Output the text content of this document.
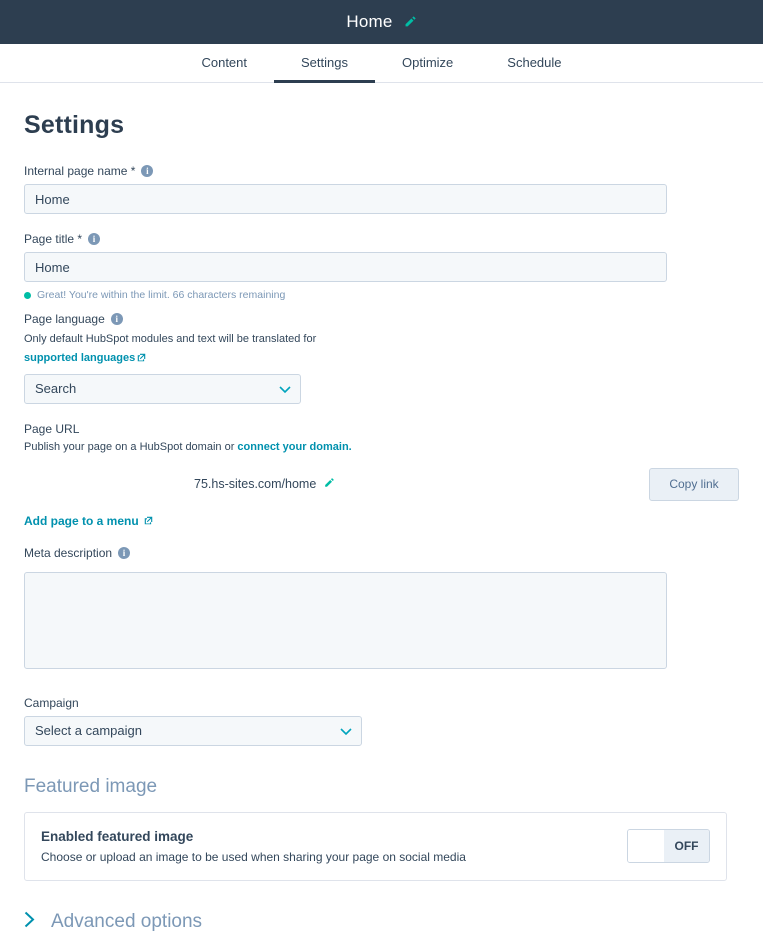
Home
Content	Settings	Optimize	Schedule
Settings
Internal page name *	i
Home
Page title *	i
Home
Great! You're within the limit. 66 characters remaining
Page language	i

Only default HubSpot modules and text will be translated for

supported languages
Search
Page URL

Publish your page on a HubSpot domain or connect your domain.

75.hs-sites.com/home	Copy link
Add page to a menu
Meta description	i
Campaign
Select a campaign
Featured image
Enabled featured image
Choose or upload an image to be used when sharing your page on social media
OFF
Advanced options
